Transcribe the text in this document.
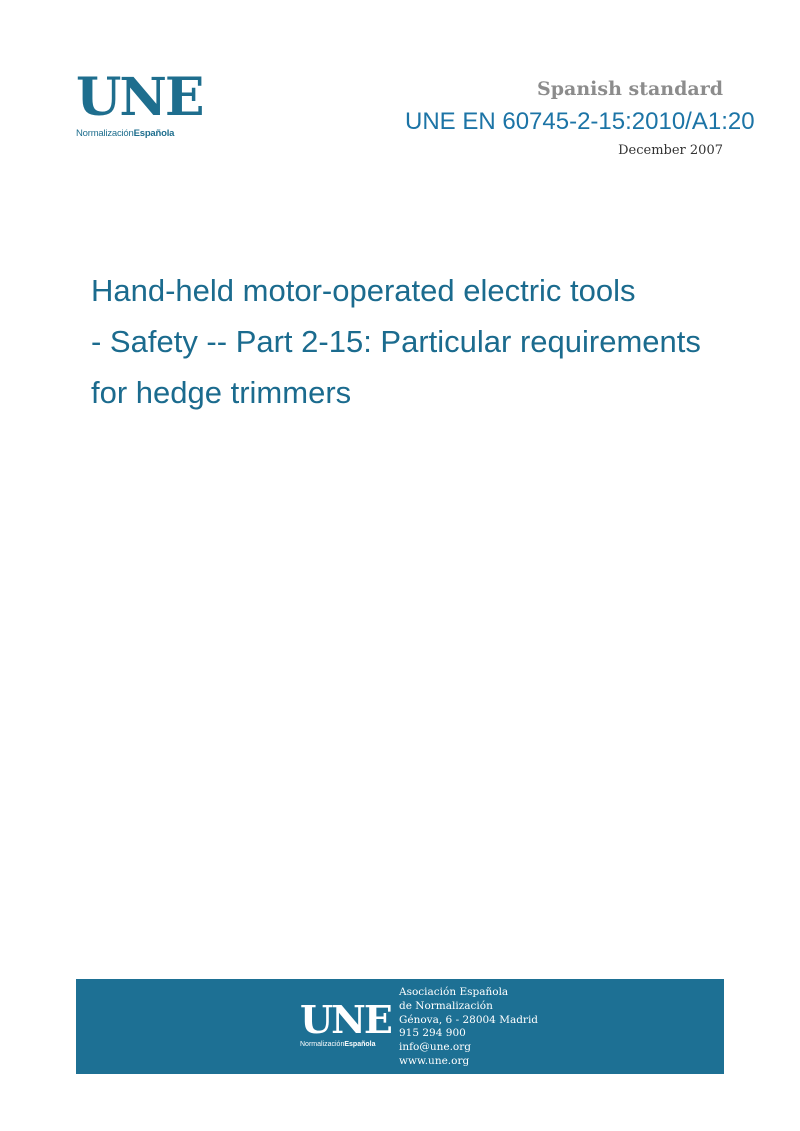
UNE
NormalizaciónEspañola
Spanish standard
UNE EN 60745-2-15:2010/A1:20
December 2007
Hand-held motor-operated electric tools
- Safety -- Part 2-15: Particular requirements
for hedge trimmers
UNE
NormalizaciónEspañola
Asociación Española
de Normalización
Génova, 6 - 28004 Madrid
915 294 900
info@une.org
www.une.org
